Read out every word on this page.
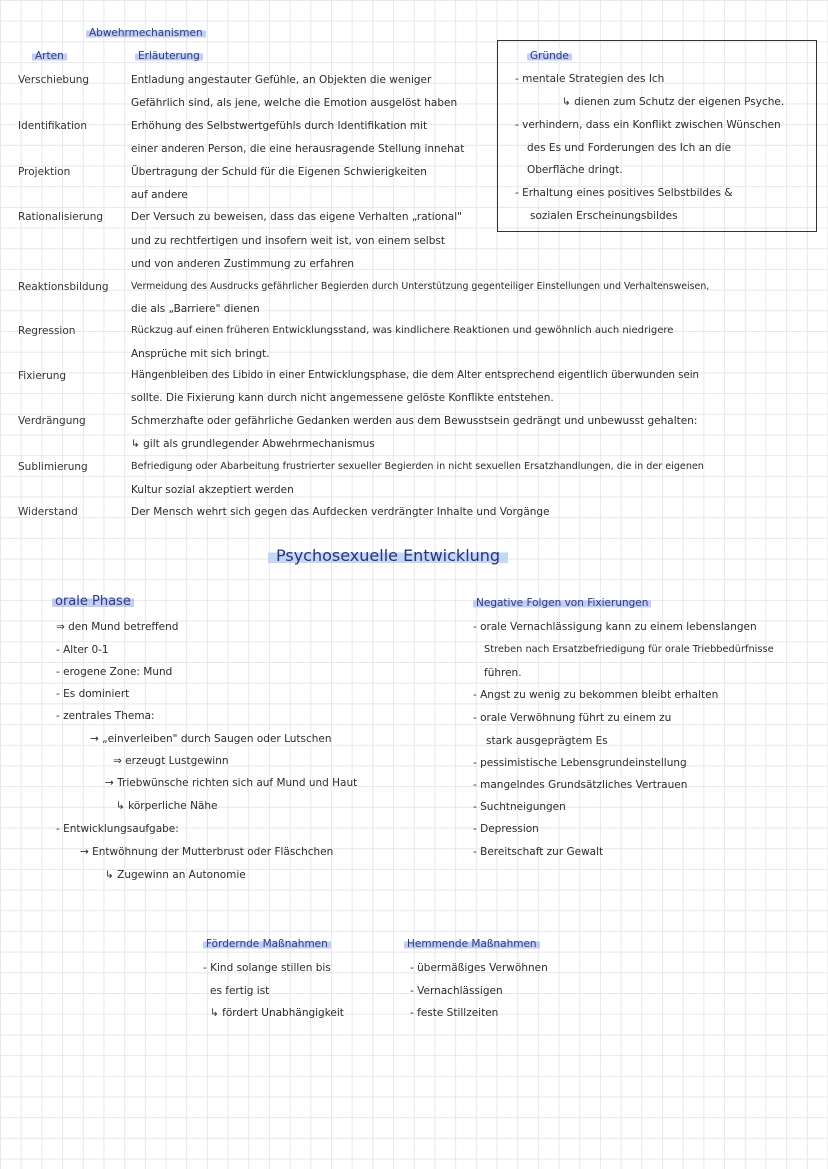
Abwehrmechanismen
Arten	Erläuterung
Verschiebung	Entladung angestauter Gefühle, an Objekten die weniger
Gefährlich sind, als jene, welche die Emotion ausgelöst haben
Identifikation	Erhöhung des Selbstwertgefühls durch Identifikation mit
einer anderen Person, die eine herausragende Stellung innehat
Projektion	Übertragung der Schuld für die Eigenen Schwierigkeiten
auf andere
Rationalisierung	Der Versuch zu beweisen, dass das eigene Verhalten „rational"
und zu rechtfertigen und insofern weit ist, von einem selbst
und von anderen Zustimmung zu erfahren
Reaktionsbildung Vermeidung des Ausdrucks gefährlicher Begierden durch Unterstützung gegenteiliger Einstellungen und Verhaltensweisen,
die als „Barriere" dienen
Regression	Rückzug auf einen früheren Entwicklungsstand, was kindlichere Reaktionen und gewöhnlich auch niedrigere
Ansprüche mit sich bringt.
Fixierung	Hängenbleiben des Libido in einer Entwicklungsphase, die dem Alter entsprechend eigentlich überwunden sein
sollte. Die Fixierung kann durch nicht angemessene gelöste Konflikte entstehen.
Verdrängung	Schmerzhafte oder gefährliche Gedanken werden aus dem Bewusstsein gedrängt und unbewusst gehalten:
↳ gilt als grundlegender Abwehrmechanismus
Sublimierung	Befriedigung oder Abarbeitung frustrierter sexueller Begierden in nicht sexuellen Ersatzhandlungen, die in der eigenen
Kultur sozial akzeptiert werden
Widerstand	Der Mensch wehrt sich gegen das Aufdecken verdrängter Inhalte und Vorgänge
Gründe
- mentale Strategien des Ich
↳ dienen zum Schutz der eigenen Psyche.
- verhindern, dass ein Konflikt zwischen Wünschen
des Es und Forderungen des Ich an die
Oberfläche dringt.
- Erhaltung eines positives Selbstbildes &
sozialen Erscheinungsbildes
Psychosexuelle Entwicklung
orale Phase
⇒ den Mund betreffend
- Alter 0-1
- erogene Zone: Mund
- Es dominiert
- zentrales Thema:
→ „einverleiben" durch Saugen oder Lutschen
⇒ erzeugt Lustgewinn
→ Triebwünsche richten sich auf Mund und Haut
↳ körperliche Nähe
- Entwicklungsaufgabe:
→ Entwöhnung der Mutterbrust oder Fläschchen
↳ Zugewinn an Autonomie
Negative Folgen von Fixierungen
- orale Vernachlässigung kann zu einem lebenslangen
Streben nach Ersatzbefriedigung für orale Triebbedürfnisse
führen.
- Angst zu wenig zu bekommen bleibt erhalten
- orale Verwöhnung führt zu einem zu
stark ausgeprägtem Es
- pessimistische Lebensgrundeinstellung
- mangelndes Grundsätzliches Vertrauen
- Suchtneigungen
- Depression
- Bereitschaft zur Gewalt
Fördernde Maßnahmen
- Kind solange stillen bis
es fertig ist
↳ fördert Unabhängigkeit
Hemmende Maßnahmen
- übermäßiges Verwöhnen
- Vernachlässigen
- feste Stillzeiten
